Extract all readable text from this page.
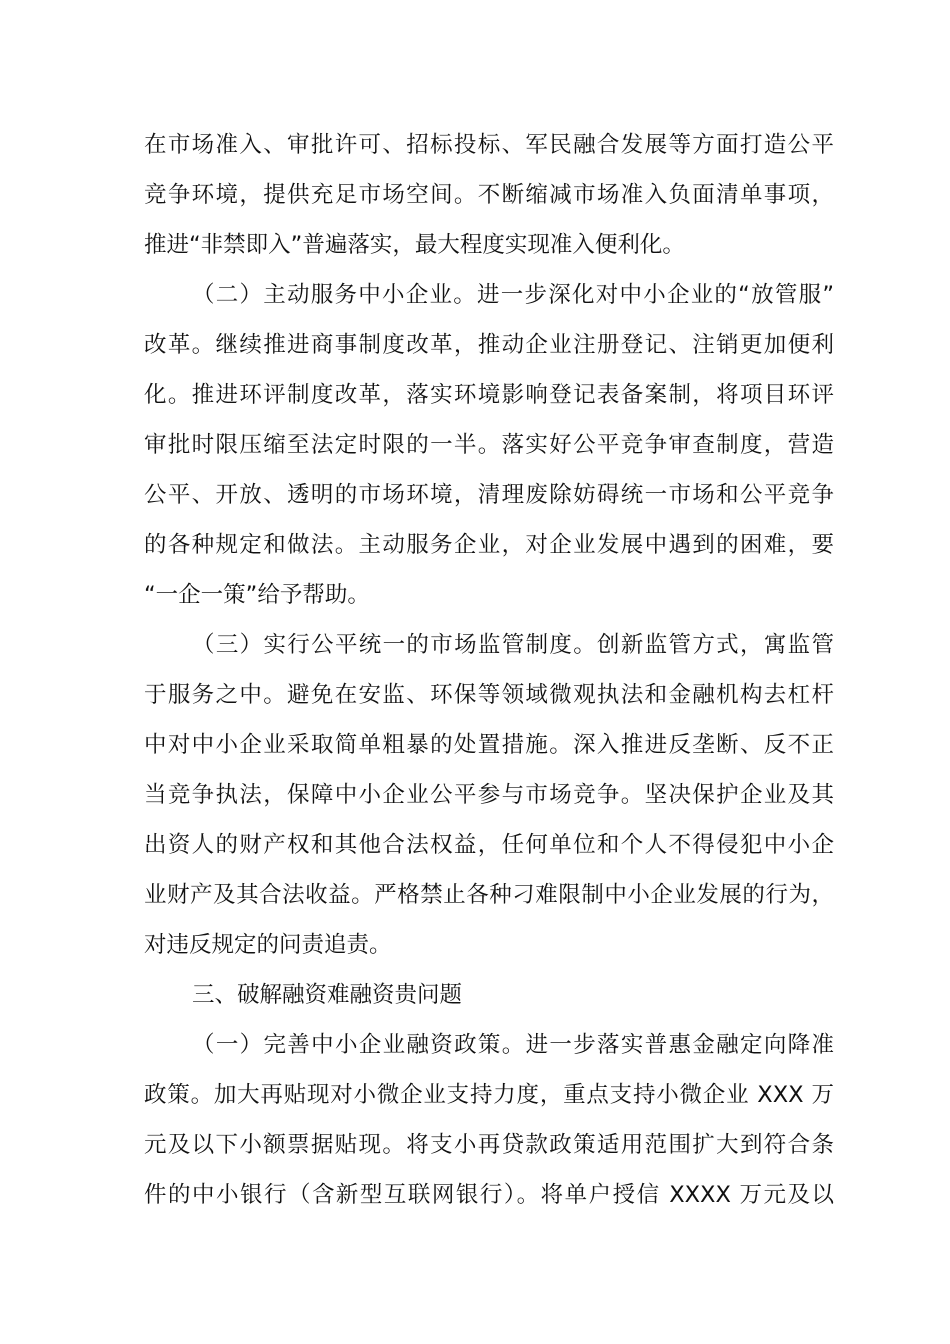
在市场准入、审批许可、招标投标、军民融合发展等方面打造公平
竞争环境，提供充足市场空间。不断缩减市场准入负面清单事项，
推进“非禁即入”普遍落实，最大程度实现准入便利化。
（二）主动服务中小企业。进一步深化对中小企业的“放管服”
改革。继续推进商事制度改革，推动企业注册登记、注销更加便利
化。推进环评制度改革，落实环境影响登记表备案制，将项目环评
审批时限压缩至法定时限的一半。落实好公平竞争审查制度，营造
公平、开放、透明的市场环境，清理废除妨碍统一市场和公平竞争
的各种规定和做法。主动服务企业，对企业发展中遇到的困难，要
“一企一策”给予帮助。
（三）实行公平统一的市场监管制度。创新监管方式，寓监管
于服务之中。避免在安监、环保等领域微观执法和金融机构去杠杆
中对中小企业采取简单粗暴的处置措施。深入推进反垄断、反不正
当竞争执法，保障中小企业公平参与市场竞争。坚决保护企业及其
出资人的财产权和其他合法权益，任何单位和个人不得侵犯中小企
业财产及其合法收益。严格禁止各种刁难限制中小企业发展的行为，
对违反规定的问责追责。
三、破解融资难融资贵问题
（一）完善中小企业融资政策。进一步落实普惠金融定向降准
政策。加大再贴现对小微企业支持力度，重点支持小微企业 XXX 万
元及以下小额票据贴现。将支小再贷款政策适用范围扩大到符合条
件的中小银行（含新型互联网银行）。将单户授信 XXXX 万元及以
